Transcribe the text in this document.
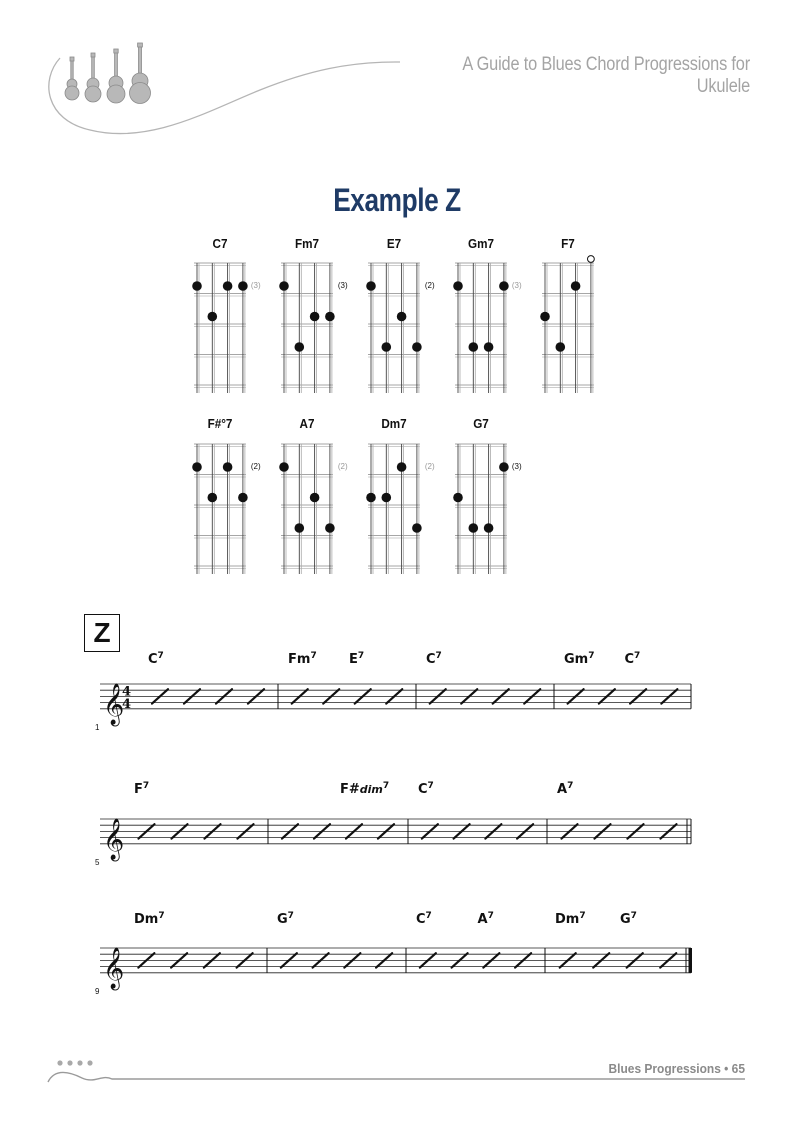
A Guide to Blues Chord Progressions for Ukulele
Example Z
C7
(3)
Fm7
(3)
E7
(2)
Gm7
(3)
F7
F#°7
(2)
A7
(2)
Dm7
(2)
G7
(3)
Z
𝄞
4
4
𝄞
𝄞
$C^7$	Fm$^7$ $E^7$	$C^7$	Gm$^7$ $C^7$
1
$F^7$	F#dim$^7$ $C^7$	$A^7$
5
Dm$^7$	$G^7$	$C^7$	$A^7$	Dm$^7$	$G^7$
9
Blues Progressions • 65
